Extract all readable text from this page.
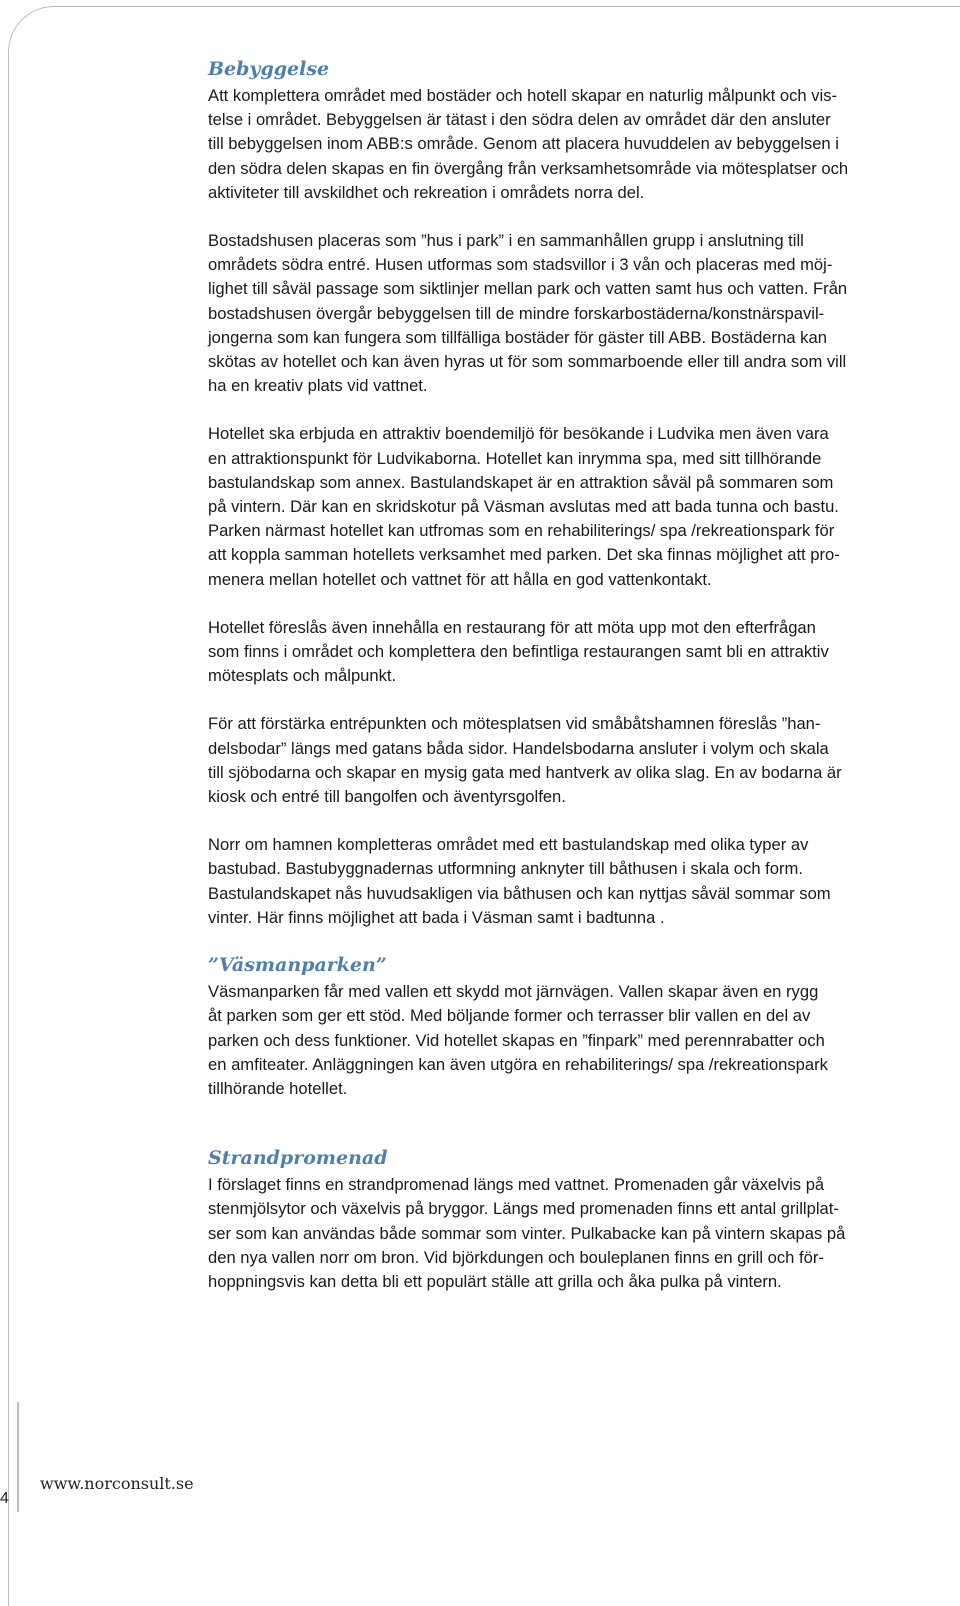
Bebyggelse

Att komplettera området med bostäder och hotell skapar en naturlig målpunkt och vis-
telse i området. Bebyggelsen är tätast i den södra delen av området där den ansluter
till bebyggelsen inom ABB:s område. Genom att placera huvuddelen av bebyggelsen i
den södra delen skapas en fin övergång från verksamhetsområde via mötesplatser och
aktiviteter till avskildhet och rekreation i områdets norra del.

Bostadshusen placeras som ”hus i park” i en sammanhållen grupp i anslutning till
områdets södra entré. Husen utformas som stadsvillor i 3 vån och placeras med möj-
lighet till såväl passage som siktlinjer mellan park och vatten samt hus och vatten. Från
bostadshusen övergår bebyggelsen till de mindre forskarbostäderna/konstnärspavil-
jongerna som kan fungera som tillfälliga bostäder för gäster till ABB. Bostäderna kan
skötas av hotellet och kan även hyras ut för som sommarboende eller till andra som vill
ha en kreativ plats vid vattnet.

Hotellet ska erbjuda en attraktiv boendemiljö för besökande i Ludvika men även vara
en attraktionspunkt för Ludvikaborna. Hotellet kan inrymma spa, med sitt tillhörande
bastulandskap som annex. Bastulandskapet är en attraktion såväl på sommaren som
på vintern. Där kan en skridskotur på Väsman avslutas med att bada tunna och bastu.
Parken närmast hotellet kan utfromas som en rehabiliterings/ spa /rekreationspark för
att koppla samman hotellets verksamhet med parken. Det ska finnas möjlighet att pro-
menera mellan hotellet och vattnet för att hålla en god vattenkontakt.

Hotellet föreslås även innehålla en restaurang för att möta upp mot den efterfrågan
som finns i området och komplettera den befintliga restaurangen samt bli en attraktiv
mötesplats och målpunkt.

För att förstärka entrépunkten och mötesplatsen vid småbåtshamnen föreslås ”han-
delsbodar” längs med gatans båda sidor. Handelsbodarna ansluter i volym och skala
till sjöbodarna och skapar en mysig gata med hantverk av olika slag. En av bodarna är
kiosk och entré till bangolfen och äventyrsgolfen.

Norr om hamnen kompletteras området med ett bastulandskap med olika typer av
bastubad. Bastubyggnadernas utformning anknyter till båthusen i skala och form.
Bastulandskapet nås huvudsakligen via båthusen och kan nyttjas såväl sommar som
vinter. Här finns möjlighet att bada i Väsman samt i badtunna .

”Väsmanparken”

Väsmanparken får med vallen ett skydd mot järnvägen. Vallen skapar även en rygg
åt parken som ger ett stöd. Med böljande former och terrasser blir vallen en del av
parken och dess funktioner. Vid hotellet skapas en ”finpark” med perennrabatter och
en amfiteater. Anläggningen kan även utgöra en rehabiliterings/ spa /rekreationspark
tillhörande hotellet.

Strandpromenad

I förslaget finns en strandpromenad längs med vattnet. Promenaden går växelvis på
stenmjölsytor och växelvis på bryggor. Längs med promenaden finns ett antal grillplat-
ser som kan användas både sommar som vinter. Pulkabacke kan på vintern skapas på
den nya vallen norr om bron. Vid björkdungen och bouleplanen finns en grill och för-
hoppningsvis kan detta bli ett populärt ställe att grilla och åka pulka på vintern.

www.norconsult.se
4
